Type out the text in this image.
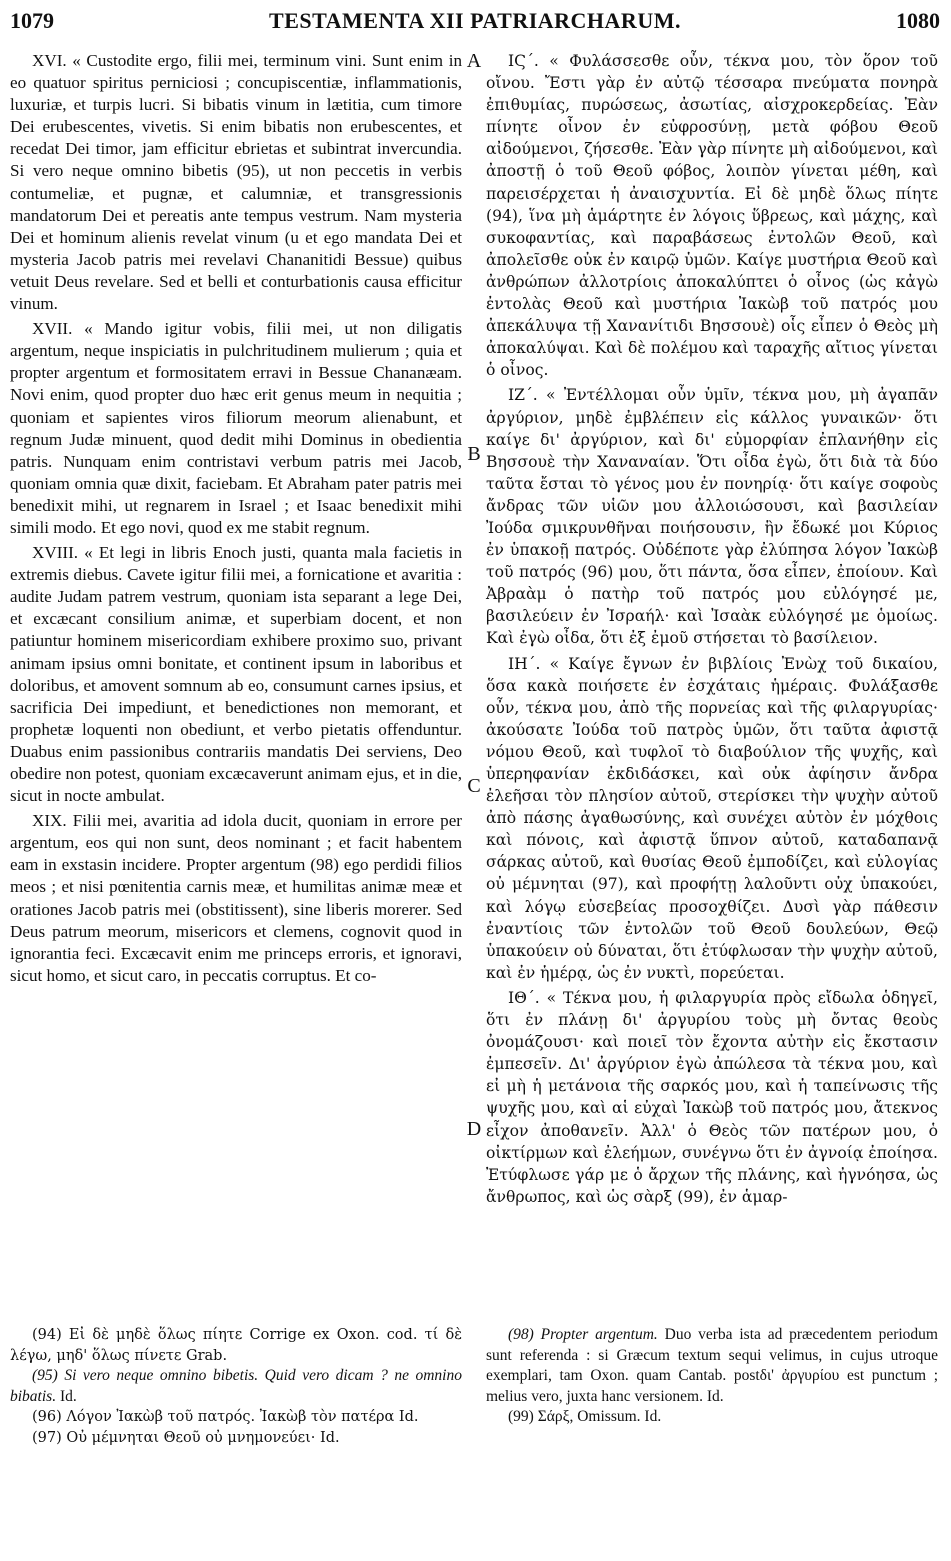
1079	TESTAMENTA XII PATRIARCHARUM.	1080
A
B
C
D

XVI. « Custodite ergo, filii mei, terminum vini. Sunt enim in eo quatuor spiritus perniciosi ; concupiscentiæ, inflammationis, luxuriæ, et turpis lucri. Si bibatis vinum in lætitia, cum timore Dei erubescentes, vivetis. Si enim bibatis non erubescentes, et recedat Dei timor, jam efficitur ebrietas et subintrat invercundia. Si vero neque omnino bibetis (95), ut non peccetis in verbis contumeliæ, et pugnæ, et calumniæ, et transgressionis mandatorum Dei et pereatis ante tempus vestrum. Nam mysteria Dei et hominum alienis revelat vinum (u et ego mandata Dei et mysteria Jacob patris mei revelavi Chananitidi Bessue) quibus vetuit Deus revelare. Sed et belli et conturbationis causa efficitur vinum.

XVII. « Mando igitur vobis, filii mei, ut non diligatis argentum, neque inspiciatis in pulchritudinem mulierum ; quia et propter argentum et formositatem erravi in Bessue Chananæam. Novi enim, quod propter duo hæc erit genus meum in nequitia ; quoniam et sapientes viros filiorum meorum alienabunt, et regnum Judæ minuent, quod dedit mihi Dominus in obedientia patris. Nunquam enim contristavi verbum patris mei Jacob, quoniam omnia quæ dixit, faciebam. Et Abraham pater patris mei benedixit mihi, ut regnarem in Israel ; et Isaac benedixit mihi simili modo. Et ego novi, quod ex me stabit regnum.

XVIII. « Et legi in libris Enoch justi, quanta mala facietis in extremis diebus. Cavete igitur filii mei, a fornicatione et avaritia : audite Judam patrem vestrum, quoniam ista separant a lege Dei, et excæcant consilium animæ, et superbiam docent, et non patiuntur hominem misericordiam exhibere proximo suo, privant animam ipsius omni bonitate, et continent ipsum in laboribus et doloribus, et amovent somnum ab eo, consumunt carnes ipsius, et sacrificia Dei impediunt, et benedictiones non memorant, et prophetæ loquenti non obediunt, et verbo pietatis offenduntur. Duabus enim passionibus contrariis mandatis Dei serviens, Deo obedire non potest, quoniam excæcaverunt animam ejus, et in die, sicut in nocte ambulat.

XIX. Filii mei, avaritia ad idola ducit, quoniam in errore per argentum, eos qui non sunt, deos nominant ; et facit habentem eam in exstasin incidere. Propter argentum (98) ego perdidi filios meos ; et nisi pœnitentia carnis meæ, et humilitas animæ meæ et orationes Jacob patris mei (obstitissent), sine liberis morerer. Sed Deus patrum meorum, misericors et clemens, cognovit quod in ignorantia feci. Excæcavit enim me princeps erroris, et ignoravi, sicut homo, et sicut caro, in peccatis corruptus. Et co-

ΙϚ΄. « Φυλάσσεσθε οὖν, τέκνα μου, τὸν ὅρον τοῦ οἴνου. Ἔστι γὰρ ἐν αὐτῷ τέσσαρα πνεύματα πονηρὰ ἐπιθυμίας, πυρώσεως, ἀσωτίας, αἰσχροκερδείας. Ἐὰν πίνητε οἶνον ἐν εὐφροσύνῃ, μετὰ φόβου Θεοῦ αἰδούμενοι, ζήσεσθε. Ἐὰν γὰρ πίνητε μὴ αἰδούμενοι, καὶ ἀποστῇ ὁ τοῦ Θεοῦ φόβος, λοιπὸν γίνεται μέθη, καὶ παρεισέρχεται ἡ ἀναισχυντία. Εἰ δὲ μηδὲ ὅλως πίητε (94), ἵνα μὴ ἁμάρτητε ἐν λόγοις ὕβρεως, καὶ μάχης, καὶ συκοφαντίας, καὶ παραβάσεως ἐντολῶν Θεοῦ, καὶ ἀπολεῖσθε οὐκ ἐν καιρῷ ὑμῶν. Καίγε μυστήρια Θεοῦ καὶ ἀνθρώπων ἀλλοτρίοις ἀποκαλύπτει ὁ οἶνος (ὡς κἀγὼ ἐντολὰς Θεοῦ καὶ μυστήρια Ἰακὼβ τοῦ πατρός μου ἀπεκάλυψα τῇ Χανανίτιδι Βησσουὲ) οἷς εἶπεν ὁ Θεὸς μὴ ἀποκαλύψαι. Καὶ δὲ πολέμου καὶ ταραχῆς αἴτιος γίνεται ὁ οἶνος.

ΙΖ΄. « Ἐντέλλομαι οὖν ὑμῖν, τέκνα μου, μὴ ἀγαπᾶν ἀργύριον, μηδὲ ἐμβλέπειν εἰς κάλλος γυναικῶν· ὅτι καίγε δι' ἀργύριον, καὶ δι' εὐμορφίαν ἐπλανήθην εἰς Βησσουὲ τὴν Χαναναίαν. Ὅτι οἶδα ἐγὼ, ὅτι διὰ τὰ δύο ταῦτα ἔσται τὸ γένος μου ἐν πονηρίᾳ· ὅτι καίγε σοφοὺς ἄνδρας τῶν υἱῶν μου ἀλλοιώσουσι, καὶ βασιλείαν Ἰούδα σμικρυνθῆναι ποιήσουσιν, ἣν ἔδωκέ μοι Κύριος ἐν ὑπακοῇ πατρός. Οὐδέποτε γὰρ ἐλύπησα λόγον Ἰακὼβ τοῦ πατρός (96) μου, ὅτι πάντα, ὅσα εἶπεν, ἐποίουν. Καὶ Ἀβραὰμ ὁ πατὴρ τοῦ πατρός μου εὐλόγησέ με, βασιλεύειν ἐν Ἰσραήλ· καὶ Ἰσαὰκ εὐλόγησέ με ὁμοίως. Καὶ ἐγὼ οἶδα, ὅτι ἐξ ἐμοῦ στήσεται τὸ βασίλειον.

ΙΗ΄. « Καίγε ἔγνων ἐν βιβλίοις Ἐνὼχ τοῦ δικαίου, ὅσα κακὰ ποιήσετε ἐν ἐσχάταις ἡμέραις. Φυλάξασθε οὖν, τέκνα μου, ἀπὸ τῆς πορνείας καὶ τῆς φιλαργυρίας· ἀκούσατε Ἰούδα τοῦ πατρὸς ὑμῶν, ὅτι ταῦτα ἀφιστᾷ νόμου Θεοῦ, καὶ τυφλοῖ τὸ διαβούλιον τῆς ψυχῆς, καὶ ὑπερηφανίαν ἐκδιδάσκει, καὶ οὐκ ἀφίησιν ἄνδρα ἐλεῆσαι τὸν πλησίον αὐτοῦ, στερίσκει τὴν ψυχὴν αὐτοῦ ἀπὸ πάσης ἀγαθωσύνης, καὶ συνέχει αὐτὸν ἐν μόχθοις καὶ πόνοις, καὶ ἀφιστᾷ ὕπνον αὐτοῦ, καταδαπανᾷ σάρκας αὐτοῦ, καὶ θυσίας Θεοῦ ἐμποδίζει, καὶ εὐλογίας οὐ μέμνηται (97), καὶ προφήτῃ λαλοῦντι οὐχ ὑπακούει, καὶ λόγῳ εὐσεβείας προσοχθίζει. Δυσὶ γὰρ πάθεσιν ἐναντίοις τῶν ἐντολῶν τοῦ Θεοῦ δουλεύων, Θεῷ ὑπακούειν οὐ δύναται, ὅτι ἐτύφλωσαν τὴν ψυχὴν αὐτοῦ, καὶ ἐν ἡμέρᾳ, ὡς ἐν νυκτὶ, πορεύεται.

ΙΘ΄. « Τέκνα μου, ἡ φιλαργυρία πρὸς εἴδωλα ὁδηγεῖ, ὅτι ἐν πλάνῃ δι' ἀργυρίου τοὺς μὴ ὄντας θεοὺς ὀνομάζουσι· καὶ ποιεῖ τὸν ἔχοντα αὐτὴν εἰς ἔκστασιν ἐμπεσεῖν. Δι' ἀργύριον ἐγὼ ἀπώλεσα τὰ τέκνα μου, καὶ εἰ μὴ ἡ μετάνοια τῆς σαρκός μου, καὶ ἡ ταπείνωσις τῆς ψυχῆς μου, καὶ αἱ εὐχαὶ Ἰακὼβ τοῦ πατρός μου, ἄτεκνος εἶχον ἀποθανεῖν. Ἀλλ' ὁ Θεὸς τῶν πατέρων μου, ὁ οἰκτίρμων καὶ ἐλεήμων, συνέγνω ὅτι ἐν ἀγνοίᾳ ἐποίησα. Ἐτύφλωσε γάρ με ὁ ἄρχων τῆς πλάνης, καὶ ἠγνόησα, ὡς ἄνθρωπος, καὶ ὡς σὰρξ (99), ἐν ἁμαρ-

(94) Εἰ δὲ μηδὲ ὅλως πίητε Corrige ex Oxon. cod. τί δὲ λέγω, μηδ' ὅλως πίνετε Grab.

(95) Si vero neque omnino bibetis. Quid vero dicam ? ne omnino bibatis. Id.

(96) Λόγον Ἰακὼβ τοῦ πατρός. Ἰακὼβ τὸν πατέρα Id.

(97) Οὐ μέμνηται Θεοῦ οὐ μνημονεύει· Id.

(98) Propter argentum. Duo verba ista ad præcedentem periodum sunt referenda : si Græcum textum sequi velimus, in cujus utroque exemplari, tam Oxon. quam Cantab. postδι' ἀργυρίου est punctum ; melius vero, juxta hanc versionem. Id.

(99) Σάρξ, Omissum. Id.
